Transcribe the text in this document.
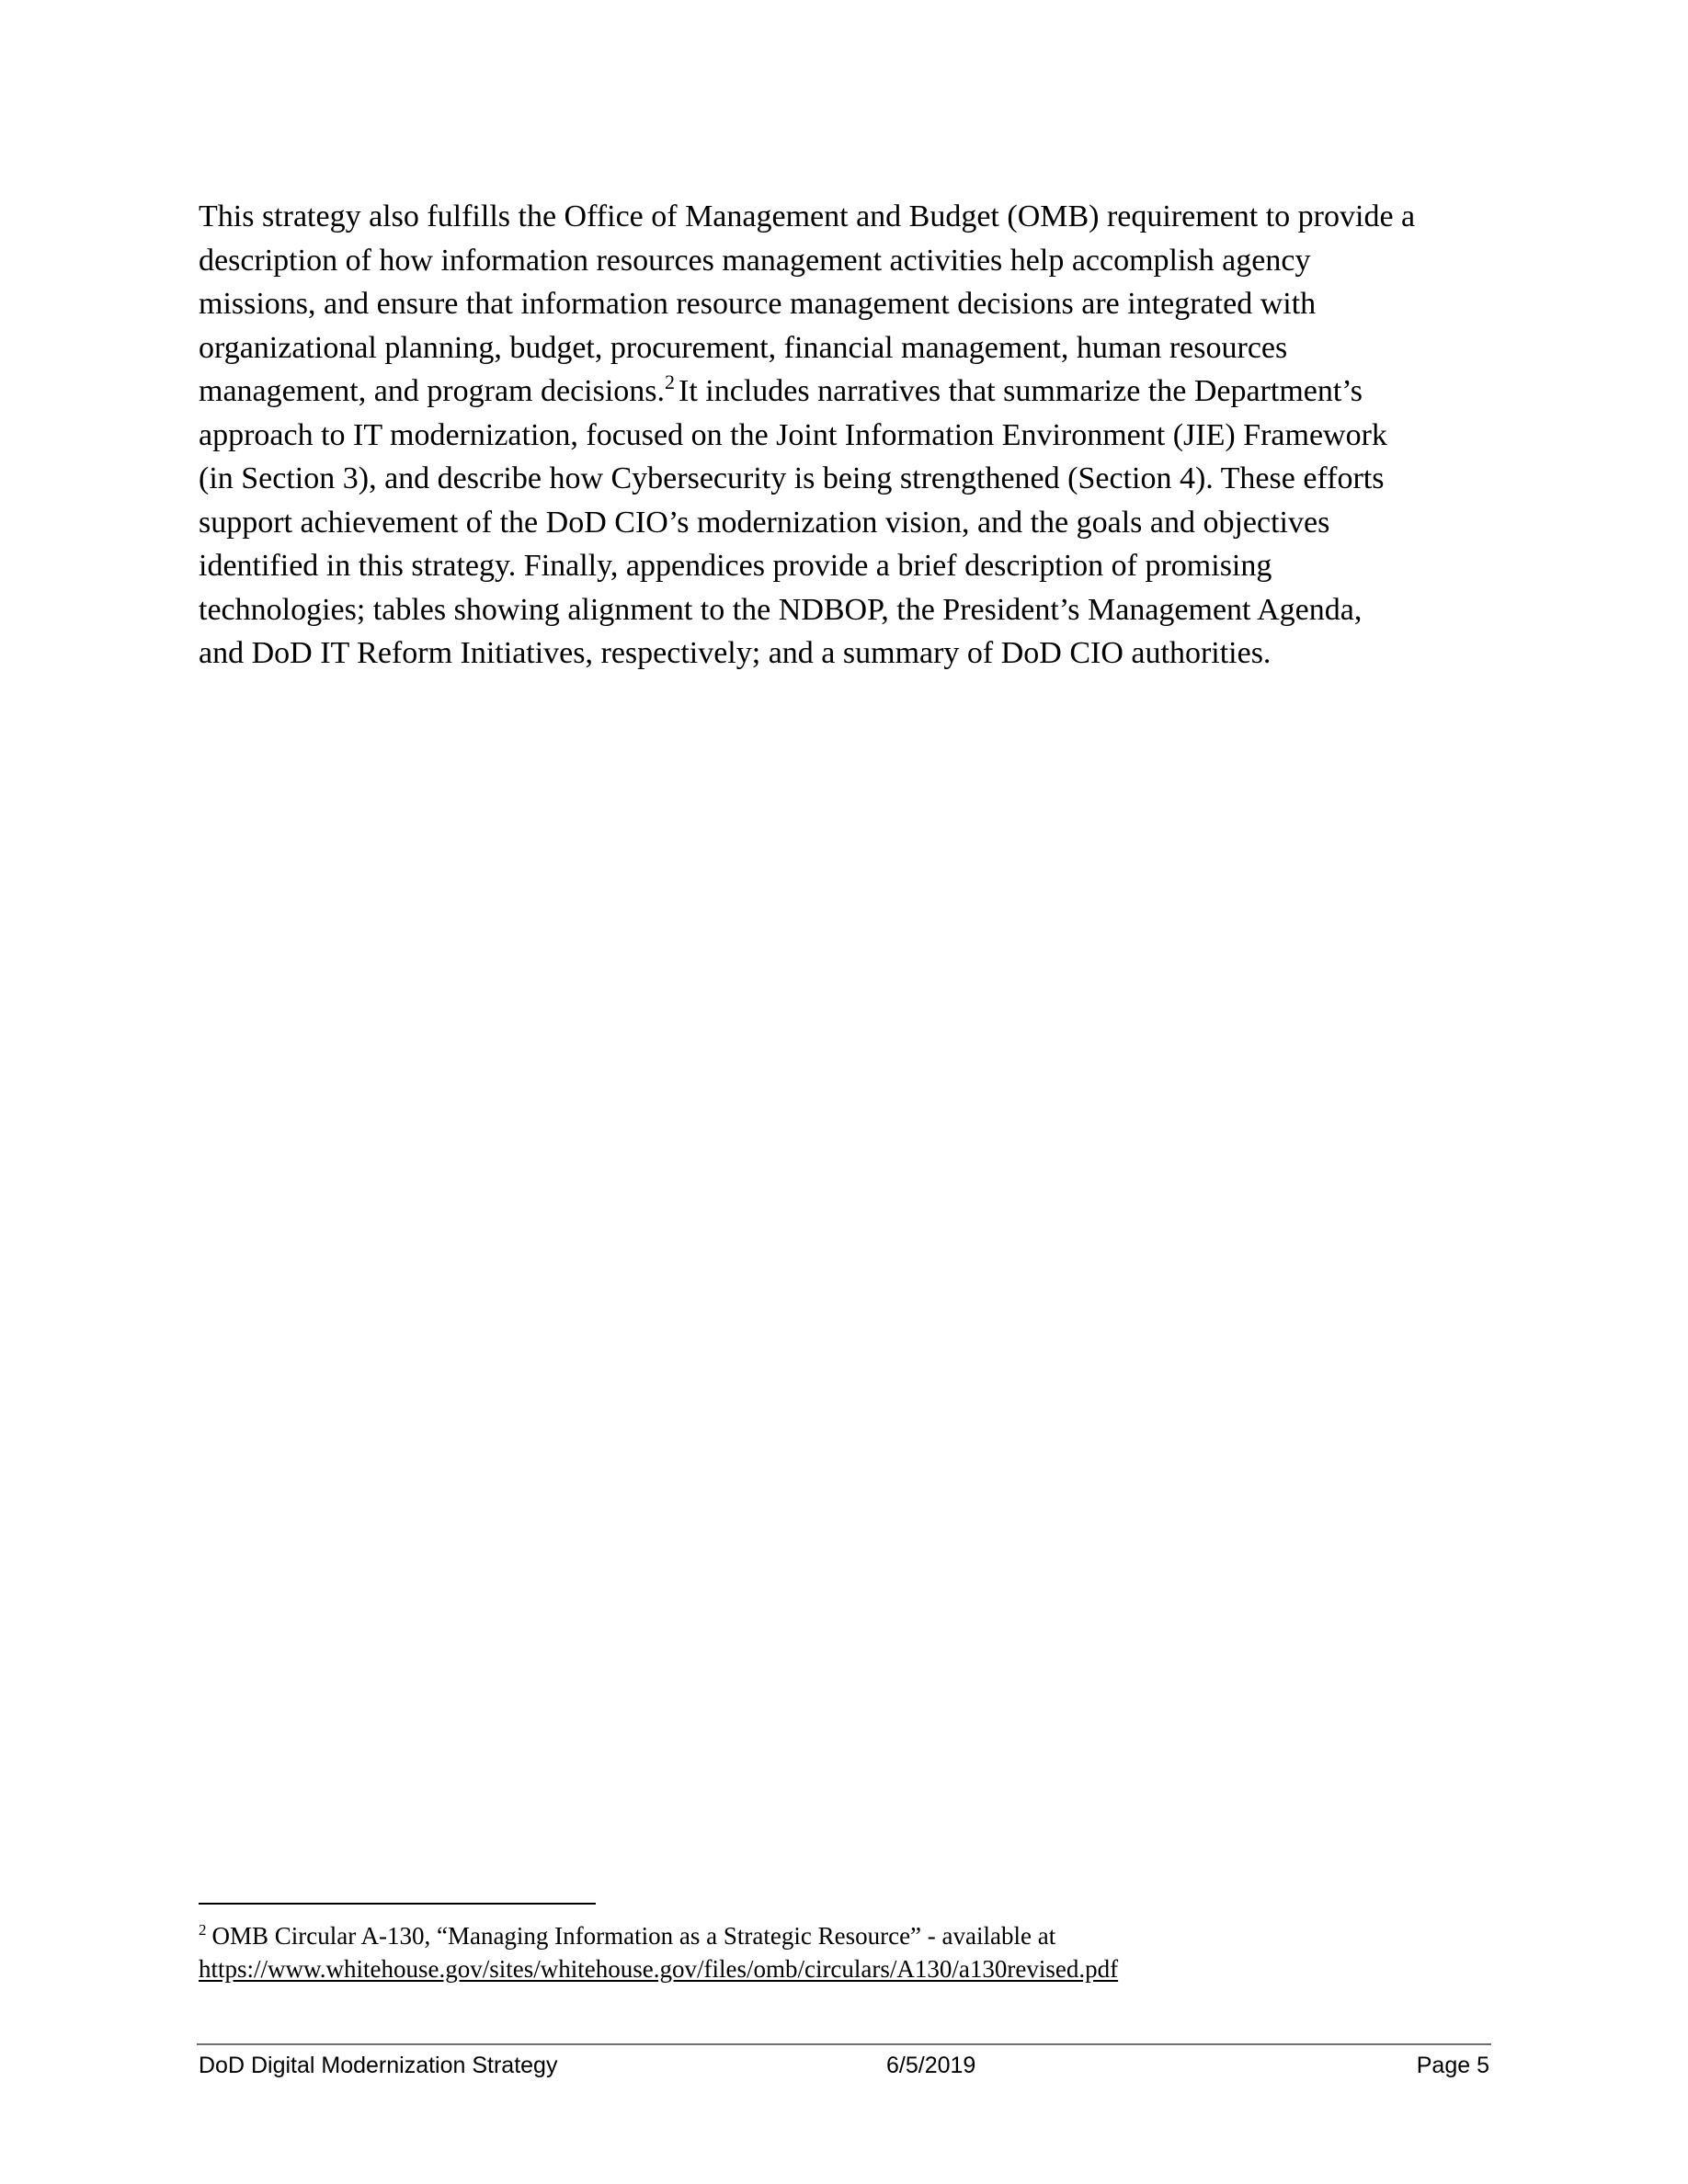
This strategy also fulfills the Office of Management and Budget (OMB) requirement to provide a
description of how information resources management activities help accomplish agency
missions, and ensure that information resource management decisions are integrated with
organizational planning, budget, procurement, financial management, human resources
management, and program decisions.$^2$ It includes narratives that summarize the Department’s
approach to IT modernization, focused on the Joint Information Environment (JIE) Framework
(in Section 3), and describe how Cybersecurity is being strengthened (Section 4). These efforts
support achievement of the DoD CIO’s modernization vision, and the goals and objectives
identified in this strategy. Finally, appendices provide a brief description of promising
technologies; tables showing alignment to the NDBOP, the President’s Management Agenda,
and DoD IT Reform Initiatives, respectively; and a summary of DoD CIO authorities.

$^2$ OMB Circular A-130, “Managing Information as a Strategic Resource” - available at
https://www.whitehouse.gov/sites/whitehouse.gov/files/omb/circulars/A130/a130revised.pdf
DoD Digital Modernization Strategy	6/5/2019	Page 5
